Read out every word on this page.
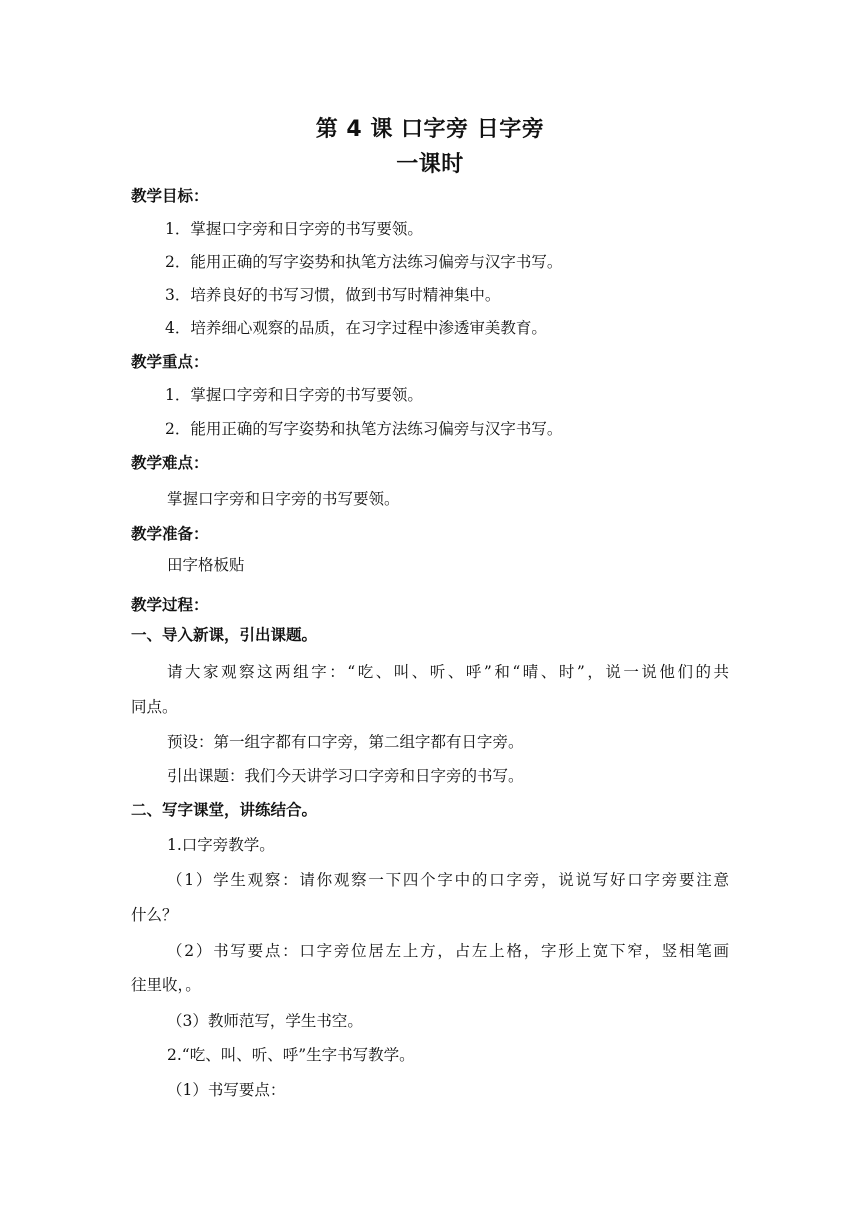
第 4 课 口字旁 日字旁
一课时
教学目标：
1．掌握口字旁和日字旁的书写要领。
2．能用正确的写字姿势和执笔方法练习偏旁与汉字书写。
3．培养良好的书写习惯，做到书写时精神集中。
4．培养细心观察的品质，在习字过程中渗透审美教育。
教学重点：
1．掌握口字旁和日字旁的书写要领。
2．能用正确的写字姿势和执笔方法练习偏旁与汉字书写。
教学难点：
掌握口字旁和日字旁的书写要领。
教学准备：
田字格板贴
教学过程：
一、导入新课，引出课题。
请大家观察这两组字：“吃、叫、听、呼”和“晴、时”，说一说他们的共
同点。
预设：第一组字都有口字旁，第二组字都有日字旁。
引出课题：我们今天讲学习口字旁和日字旁的书写。
二、写字课堂，讲练结合。
1.口字旁教学。
（1）学生观察：请你观察一下四个字中的口字旁，说说写好口字旁要注意
什么？
（2）书写要点：口字旁位居左上方，占左上格，字形上宽下窄，竖相笔画
往里收，。
（3）教师范写，学生书空。
2.“吃、叫、听、呼”生字书写教学。
（1）书写要点：
